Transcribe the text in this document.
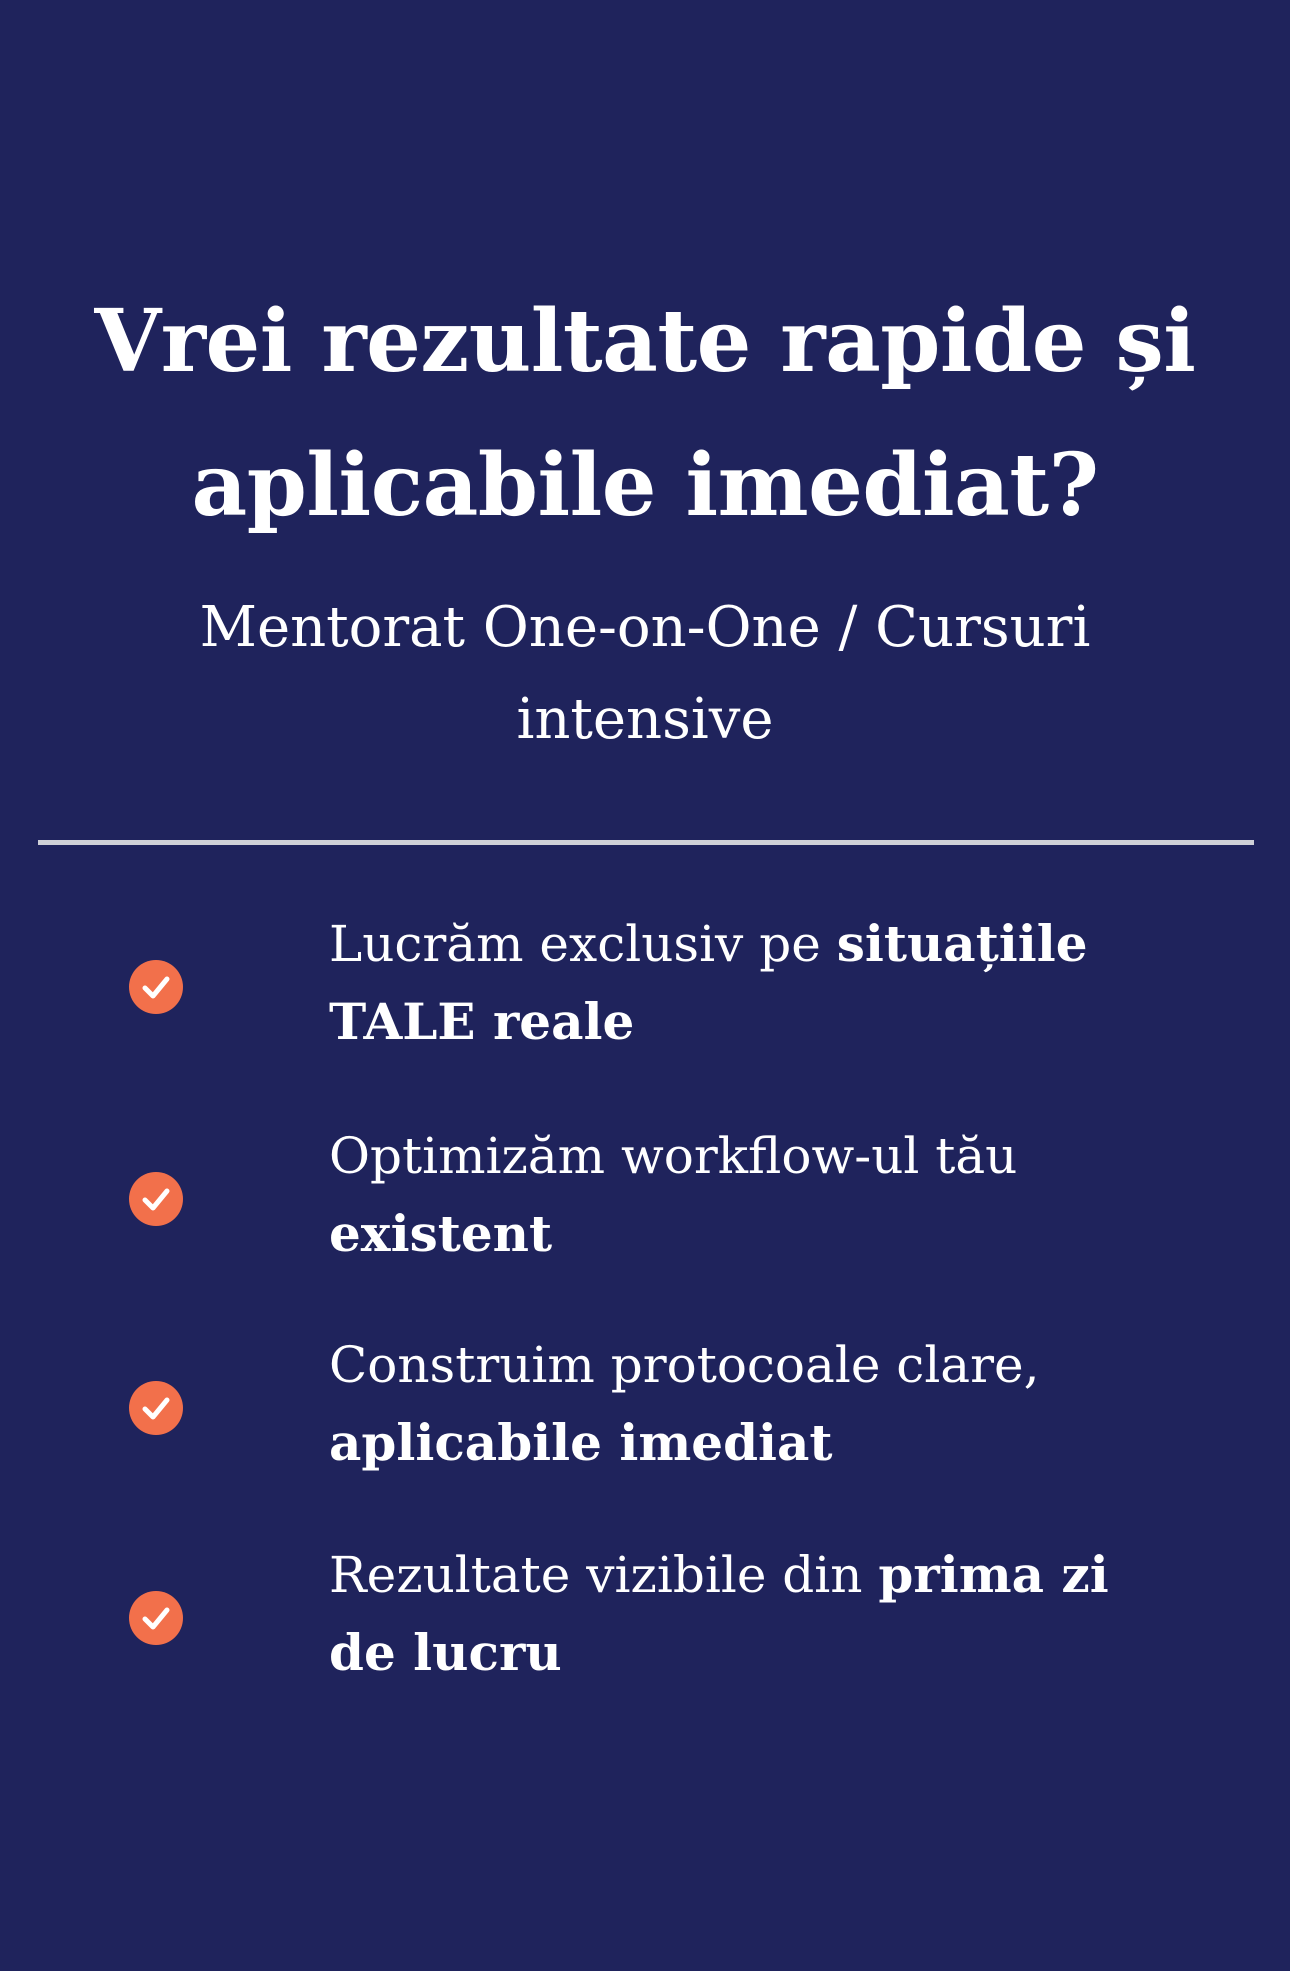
Vrei rezultate rapide și
aplicabile imediat?

Mentorat One-on-One / Cursuri intensive

Lucrăm exclusiv pe situațiile TALE reale

Optimizăm workflow-ul tău existent

Construim protocoale clare, aplicabile imediat

Rezultate vizibile din prima zi de lucru
